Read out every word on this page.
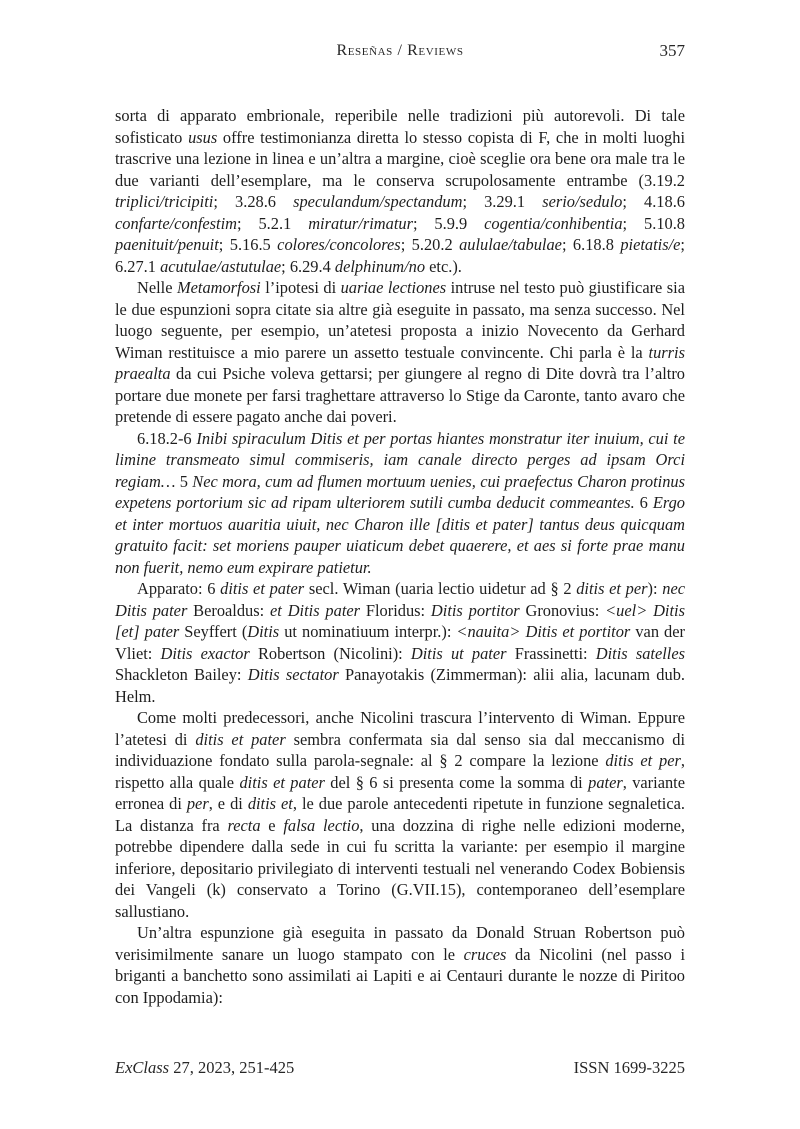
Reseñas / Reviews	357

sorta di apparato embrionale, reperibile nelle tradizioni più autorevoli. Di tale sofisticato usus offre testimonianza diretta lo stesso copista di F, che in molti luoghi trascrive una lezione in linea e un’altra a margine, cioè sceglie ora bene ora male tra le due varianti dell’esemplare, ma le conserva scrupolosamente entrambe (3.19.2 triplici/tricipiti; 3.28.6 speculandum/spectandum; 3.29.1 serio/sedulo; 4.18.6 confarte/confestim; 5.2.1 miratur/rimatur; 5.9.9 cogentia/conhibentia; 5.10.8 paenituit/penuit; 5.16.5 colores/concolores; 5.20.2 aululae/tabulae; 6.18.8 pietatis/e; 6.27.1 acutulae/astutulae; 6.29.4 delphinum/no etc.).

Nelle Metamorfosi l’ipotesi di uariae lectiones intruse nel testo può giustificare sia le due espunzioni sopra citate sia altre già eseguite in passato, ma senza successo. Nel luogo seguente, per esempio, un’atetesi proposta a inizio Novecento da Gerhard Wiman restituisce a mio parere un assetto testuale convincente. Chi parla è la turris praealta da cui Psiche voleva gettarsi; per giungere al regno di Dite dovrà tra l’altro portare due monete per farsi traghettare attraverso lo Stige da Caronte, tanto avaro che pretende di essere pagato anche dai poveri.

6.18.2-6 Inibi spiraculum Ditis et per portas hiantes monstratur iter inuium, cui te limine transmeato simul commiseris, iam canale directo perges ad ipsam Orci regiam… 5 Nec mora, cum ad flumen mortuum uenies, cui praefectus Charon protinus expetens portorium sic ad ripam ulteriorem sutili cumba deducit commeantes. 6 Ergo et inter mortuos auaritia uiuit, nec Charon ille [ditis et pater] tantus deus quicquam gratuito facit: set moriens pauper uiaticum debet quaerere, et aes si forte prae manu non fuerit, nemo eum expirare patietur.

Apparato: 6 ditis et pater secl. Wiman (uaria lectio uidetur ad § 2 ditis et per): nec Ditis pater Beroaldus: et Ditis pater Floridus: Ditis portitor Gronovius: <uel> Ditis [et] pater Seyffert (Ditis ut nominatiuum interpr.): <nauita> Ditis et portitor van der Vliet: Ditis exactor Robertson (Nicolini): Ditis ut pater Frassinetti: Ditis satelles Shackleton Bailey: Ditis sectator Panayotakis (Zimmerman): alii alia, lacunam dub. Helm.

Come molti predecessori, anche Nicolini trascura l’intervento di Wiman. Eppure l’atetesi di ditis et pater sembra confermata sia dal senso sia dal meccanismo di individuazione fondato sulla parola-segnale: al § 2 compare la lezione ditis et per, rispetto alla quale ditis et pater del § 6 si presenta come la somma di pater, variante erronea di per, e di ditis et, le due parole antecedenti ripetute in funzione segnaletica. La distanza fra recta e falsa lectio, una dozzina di righe nelle edizioni moderne, potrebbe dipendere dalla sede in cui fu scritta la variante: per esempio il margine inferiore, depositario privilegiato di interventi testuali nel venerando Codex Bobiensis dei Vangeli (k) conservato a Torino (G.VII.15), contemporaneo dell’esemplare sallustiano.

Un’altra espunzione già eseguita in passato da Donald Struan Robertson può verisimilmente sanare un luogo stampato con le cruces da Nicolini (nel passo i briganti a banchetto sono assimilati ai Lapiti e ai Centauri durante le nozze di Piritoo con Ippodamia):

ExClass 27, 2023, 251-425	ISSN 1699-3225
